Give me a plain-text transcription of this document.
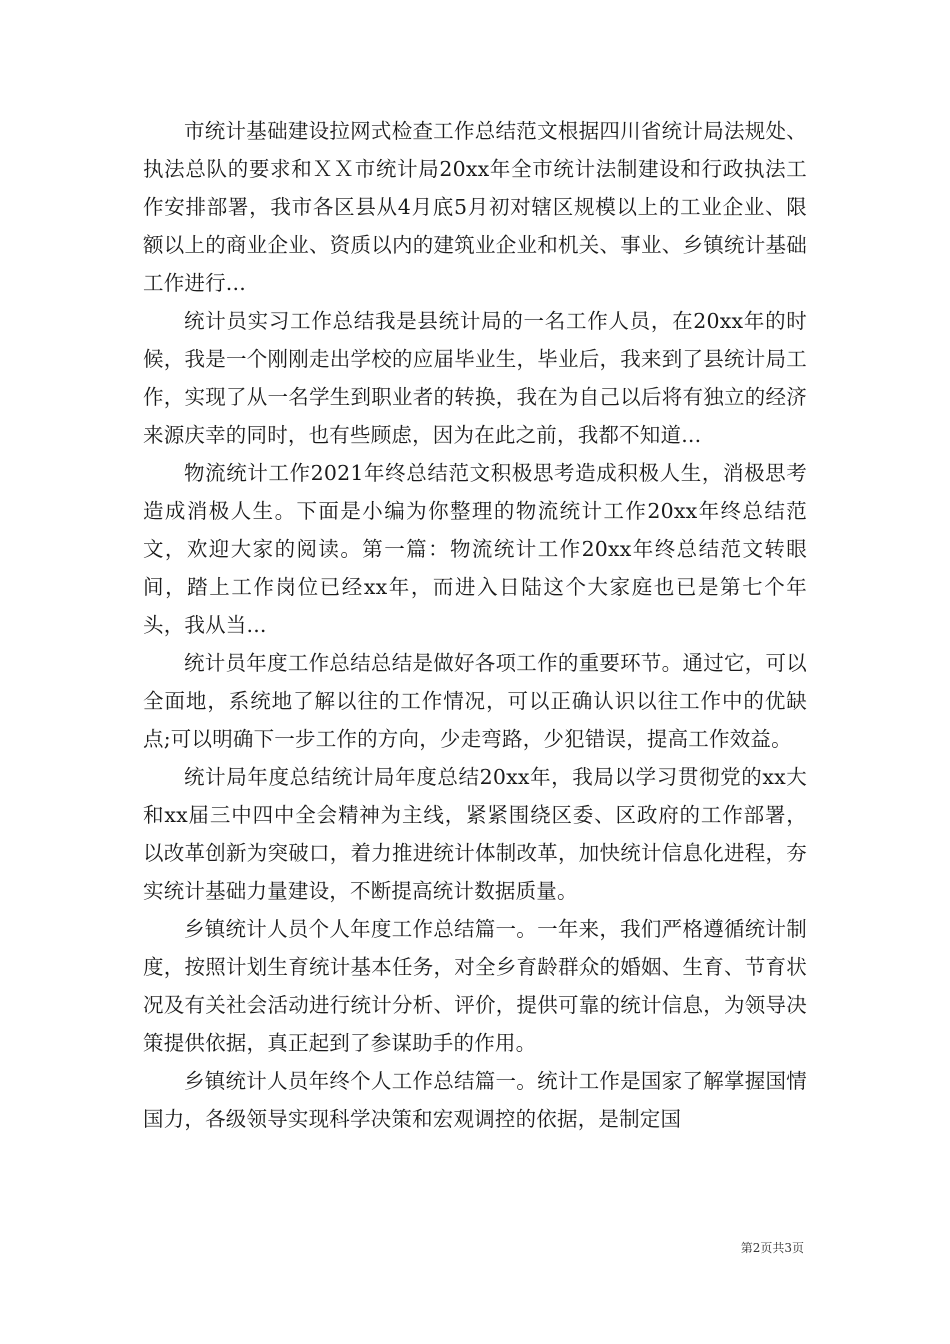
市统计基础建设拉网式检查工作总结范文根据四川省统计局法规处、执法总队的要求和ＸＸ市统计局20xx年全市统计法制建设和行政执法工作安排部署，我市各区县从4月底5月初对辖区规模以上的工业企业、限额以上的商业企业、资质以内的建筑业企业和机关、事业、乡镇统计基础工作进行...

统计员实习工作总结我是县统计局的一名工作人员，在20xx年的时候，我是一个刚刚走出学校的应届毕业生，毕业后，我来到了县统计局工作，实现了从一名学生到职业者的转换，我在为自己以后将有独立的经济来源庆幸的同时，也有些顾虑，因为在此之前，我都不知道...

物流统计工作2021年终总结范文积极思考造成积极人生，消极思考造成消极人生。下面是小编为你整理的物流统计工作20xx年终总结范文，欢迎大家的阅读。第一篇：物流统计工作20xx年终总结范文转眼间，踏上工作岗位已经xx年，而进入日陆这个大家庭也已是第七个年头，我从当...

统计员年度工作总结总结是做好各项工作的重要环节。通过它，可以全面地，系统地了解以往的工作情况，可以正确认识以往工作中的优缺点;可以明确下一步工作的方向，少走弯路，少犯错误，提高工作效益。

统计局年度总结统计局年度总结20xx年，我局以学习贯彻党的xx大和xx届三中四中全会精神为主线，紧紧围绕区委、区政府的工作部署，以改革创新为突破口，着力推进统计体制改革，加快统计信息化进程，夯实统计基础力量建设，不断提高统计数据质量。

乡镇统计人员个人年度工作总结篇一。一年来，我们严格遵循统计制度，按照计划生育统计基本任务，对全乡育龄群众的婚姻、生育、节育状况及有关社会活动进行统计分析、评价，提供可靠的统计信息，为领导决策提供依据，真正起到了参谋助手的作用。

乡镇统计人员年终个人工作总结篇一。统计工作是国家了解掌握国情国力，各级领导实现科学决策和宏观调控的依据，是制定国

第2页共3页
